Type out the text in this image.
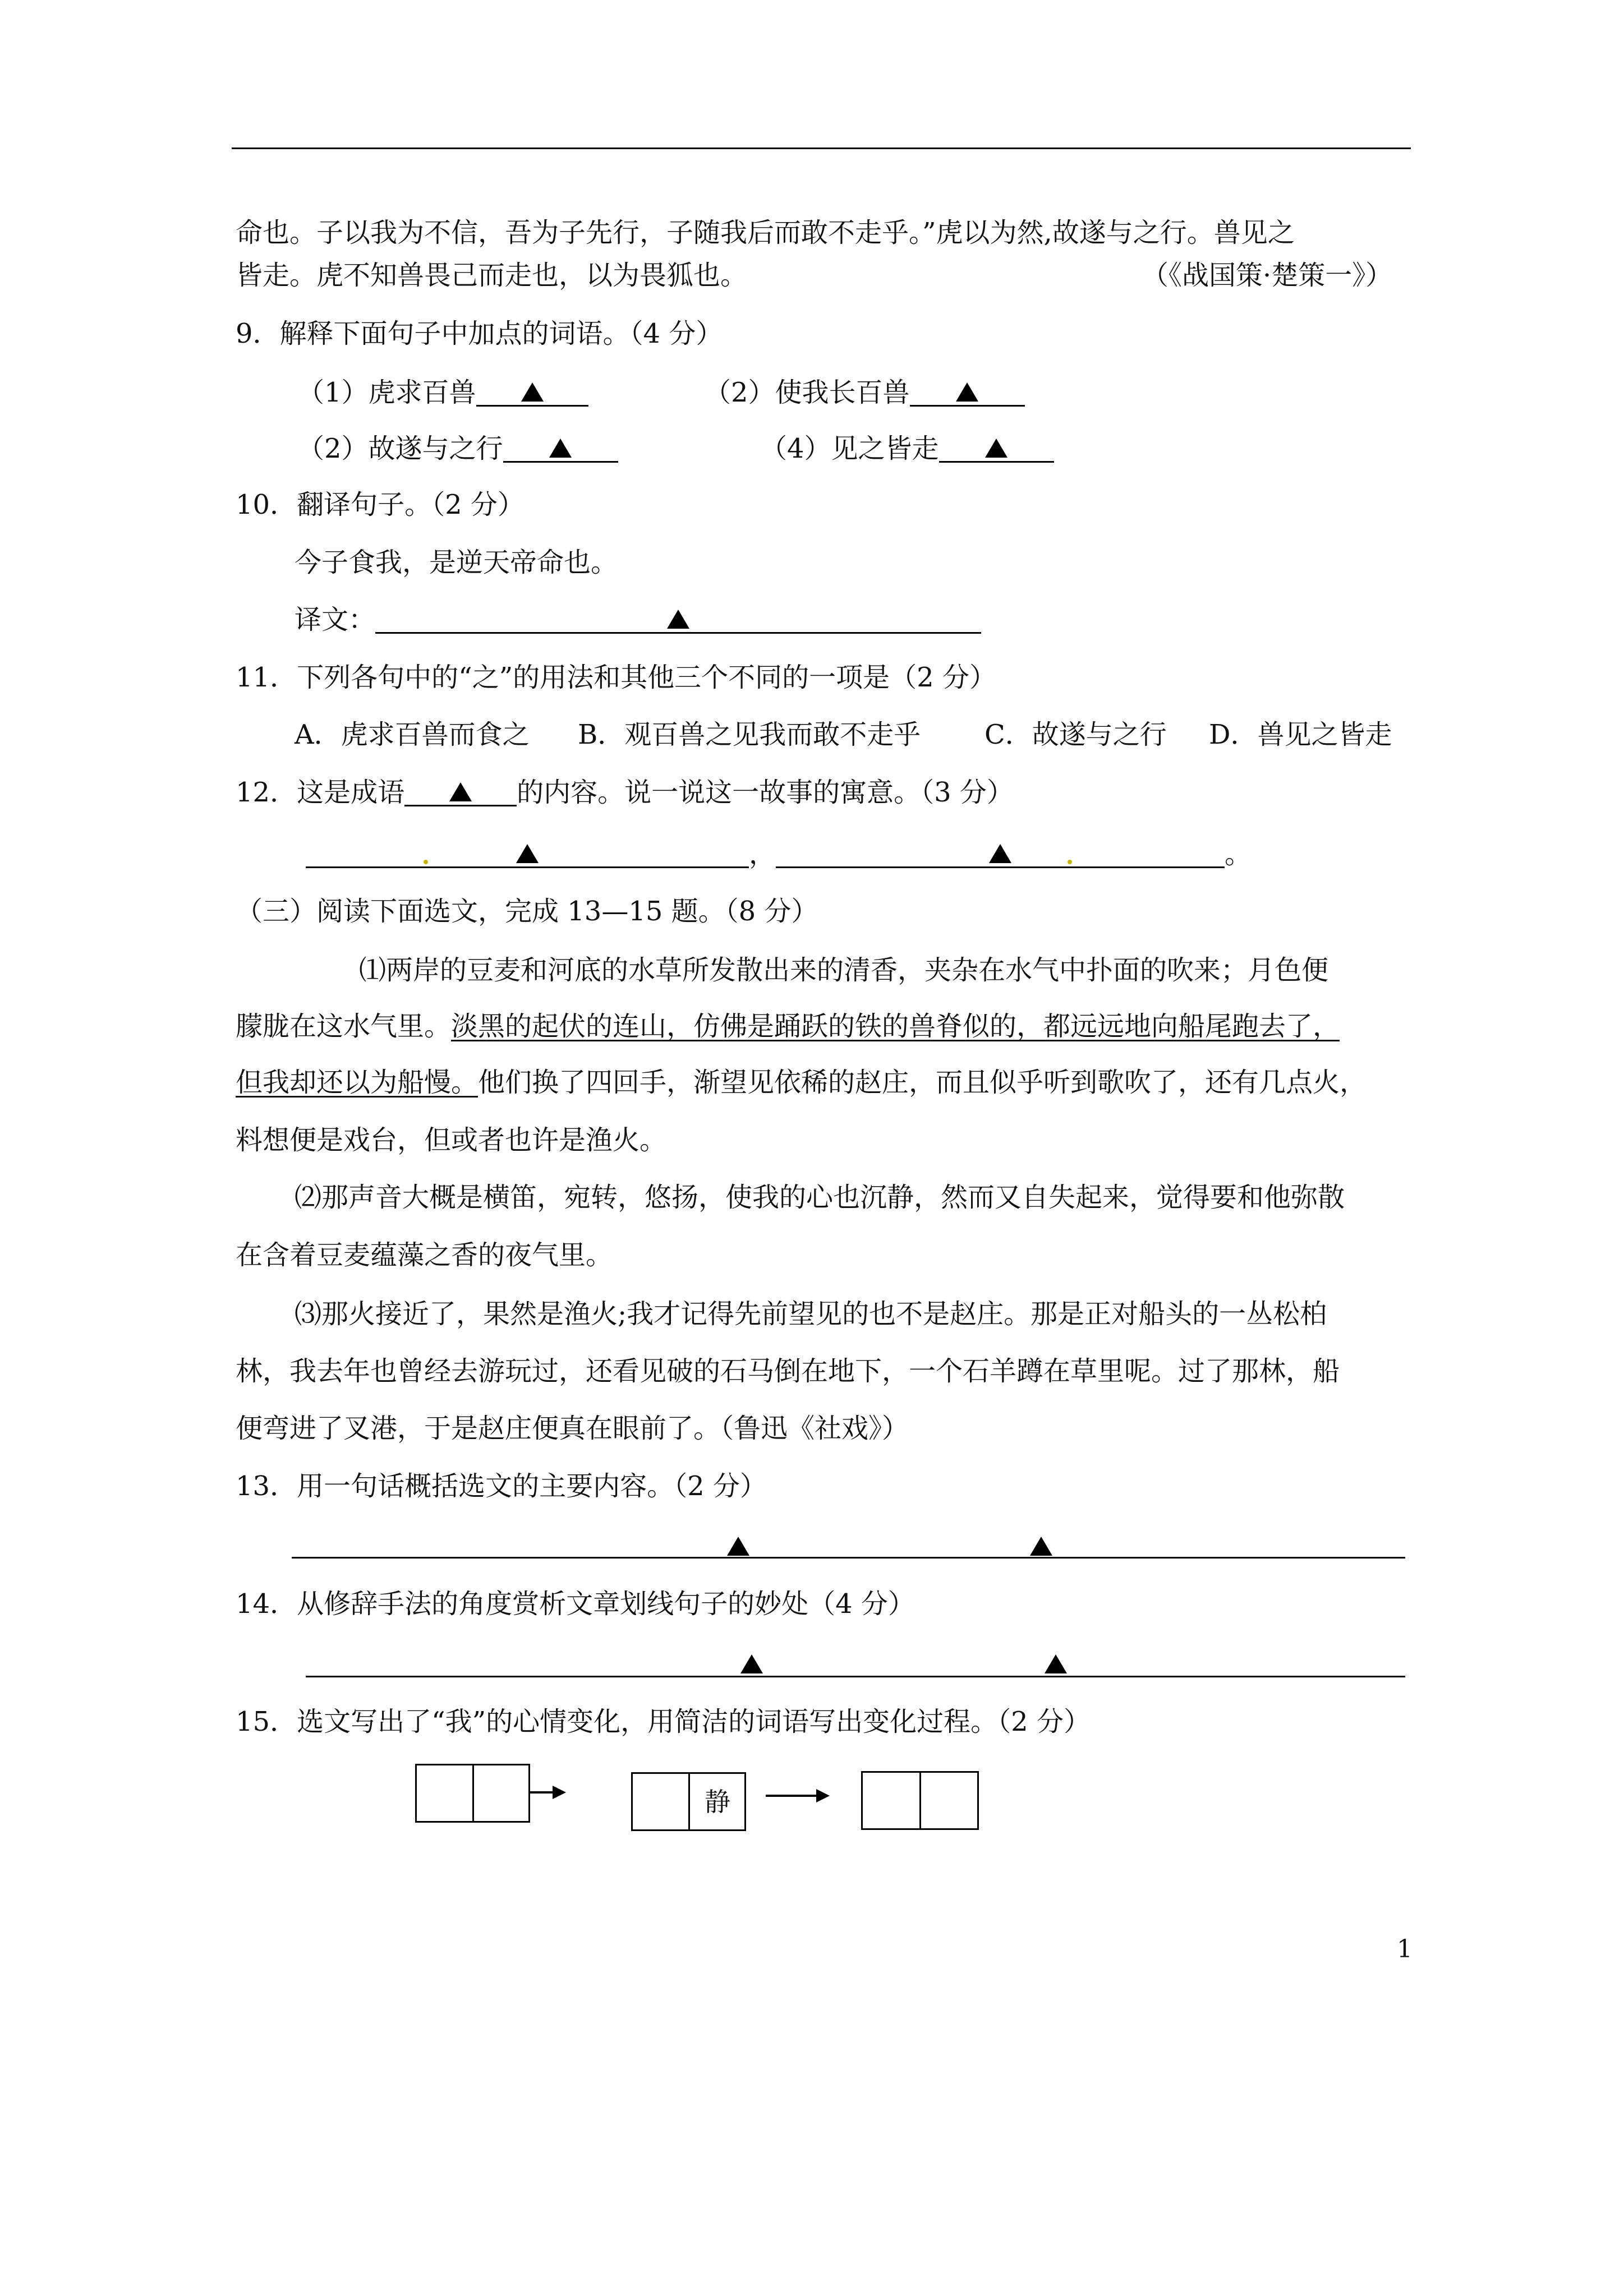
命也。子以我为不信，吾为子先行，子随我后而敢不走乎。”虎以为然,故遂与之行。兽见之
皆走。虎不知兽畏己而走也，以为畏狐也。	（《战国策·楚策一》）
9．解释下面句子中加点的词语。（4 分）
（1）虎求百兽	（2）使我长百兽
（2）故遂与之行	（4）见之皆走
10．翻译句子。（2 分）
今子食我，是逆天帝命也。
译文：
11．下列各句中的“之”的用法和其他三个不同的一项是（2 分）
A．虎求百兽而食之 B．观百兽之见我而敢不走乎 C．故遂与之行 D．兽见之皆走
12．这是成语	的内容。说一说这一故事的寓意。（3 分）
，	。
（三）阅读下面选文，完成 13—15 题。（8 分）
⑴两岸的豆麦和河底的水草所发散出来的清香，夹杂在水气中扑面的吹来；月色便
朦胧在这水气里。淡黑的起伏的连山，仿佛是踊跃的铁的兽脊似的，都远远地向船尾跑去了，
但我却还以为船慢。他们换了四回手，渐望见依稀的赵庄，而且似乎听到歌吹了，还有几点火，
料想便是戏台，但或者也许是渔火。
⑵那声音大概是横笛，宛转，悠扬，使我的心也沉静，然而又自失起来，觉得要和他弥散
在含着豆麦蕴藻之香的夜气里。
⑶那火接近了，果然是渔火;我才记得先前望见的也不是赵庄。那是正对船头的一丛松柏
林，我去年也曾经去游玩过，还看见破的石马倒在地下，一个石羊蹲在草里呢。过了那林，船
便弯进了叉港，于是赵庄便真在眼前了。（鲁迅《社戏》）
13．用一句话概括选文的主要内容。（2 分）
14．从修辞手法的角度赏析文章划线句子的妙处（4 分）
15．选文写出了“我”的心情变化，用简洁的词语写出变化过程。（2 分）
静
1
